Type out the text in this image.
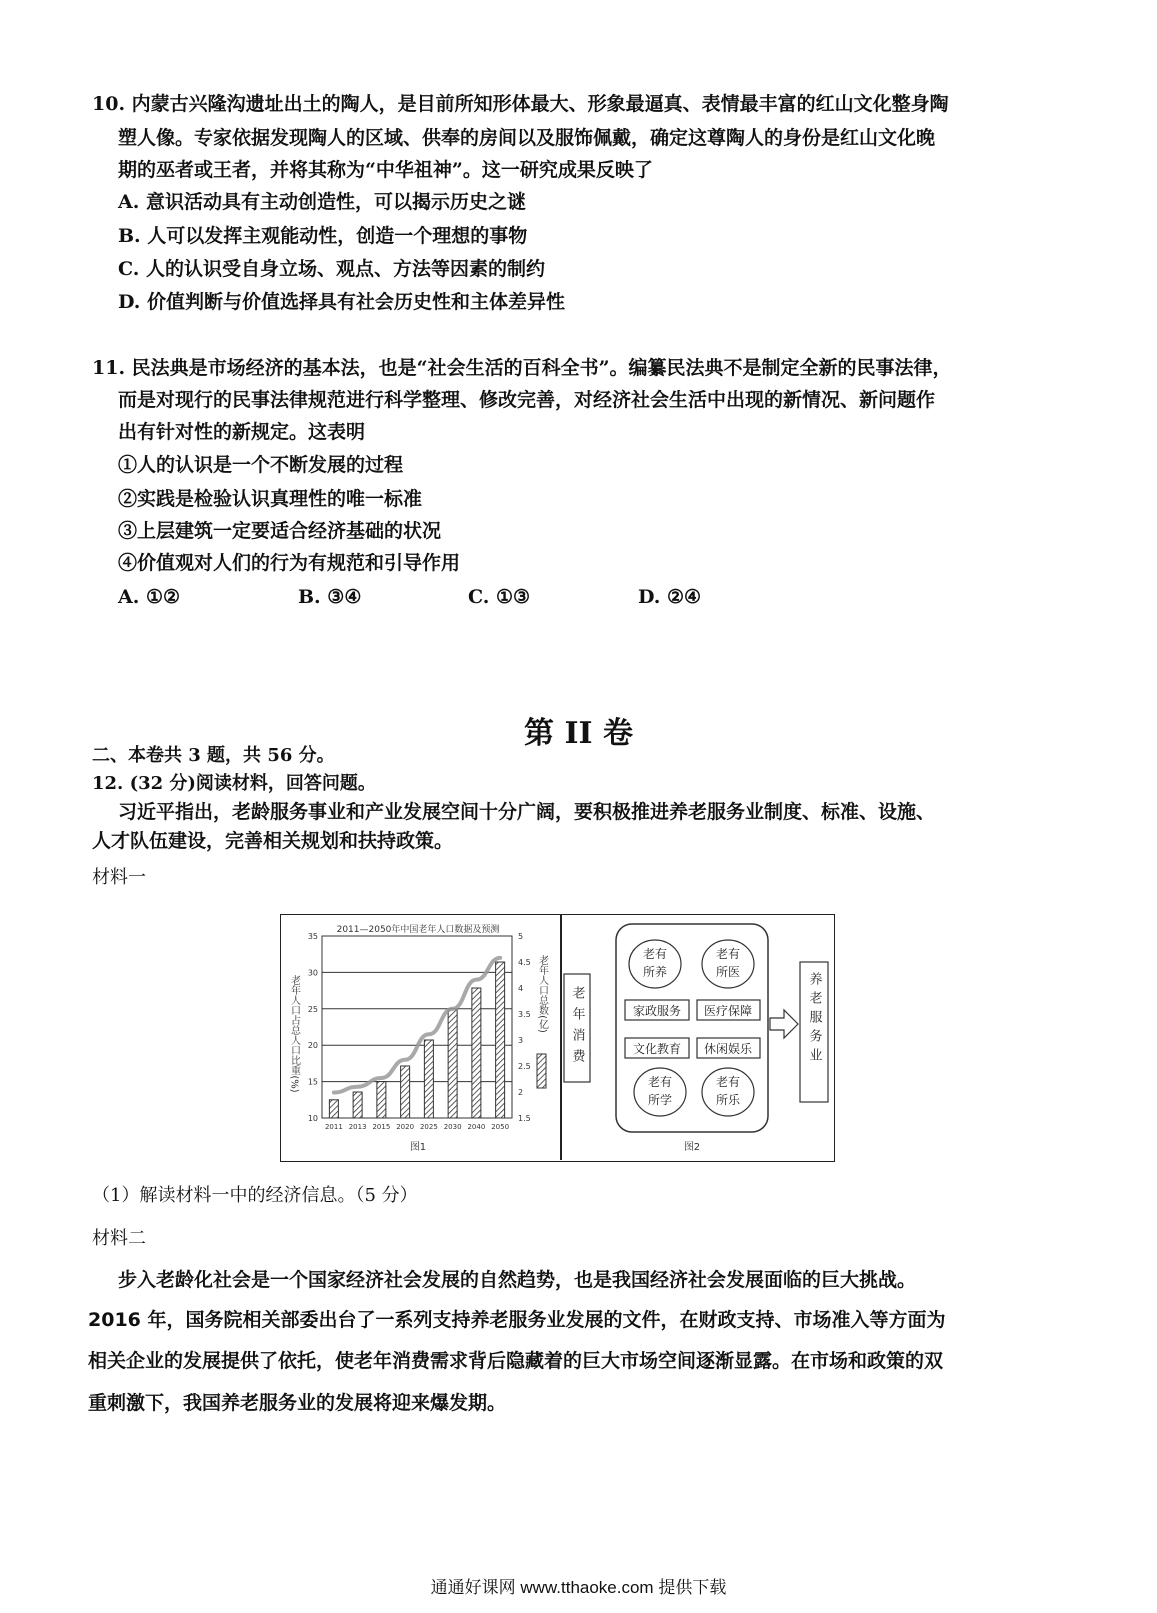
10. 内蒙古兴隆沟遗址出土的陶人，是目前所知形体最大、形象最逼真、表情最丰富的红山文化整身陶
塑人像。专家依据发现陶人的区域、供奉的房间以及服饰佩戴，确定这尊陶人的身份是红山文化晚
期的巫者或王者，并将其称为“中华祖神”。这一研究成果反映了
A. 意识活动具有主动创造性，可以揭示历史之谜
B. 人可以发挥主观能动性，创造一个理想的事物
C. 人的认识受自身立场、观点、方法等因素的制约
D. 价值判断与价值选择具有社会历史性和主体差异性
11. 民法典是市场经济的基本法，也是“社会生活的百科全书”。编纂民法典不是制定全新的民事法律，
而是对现行的民事法律规范进行科学整理、修改完善，对经济社会生活中出现的新情况、新问题作
出有针对性的新规定。这表明
①人的认识是一个不断发展的过程
②实践是检验认识真理性的唯一标准
③上层建筑一定要适合经济基础的状况
④价值观对人们的行为有规范和引导作用
A. ①②	B. ③④	C. ①③	D. ②④
第 II 卷
二、本卷共 3 题，共 56 分。
12. (32 分)阅读材料，回答问题。
习近平指出，老龄服务事业和产业发展空间十分广阔，要积极推进养老服务业制度、标准、设施、
人才队伍建设，完善相关规划和扶持政策。
材料一
2011—2050年中国老年人口数据及预测
10
15
20
25
30
35
1.5
2
2.5
3
3.5
4
4.5
5
2011 2013 2015 2020 2025 2030 2040 2050
老年人口占总人口比重(%)	老年人口总数(亿)
图1
老年消费
老有
所养
老有
所医
家政服务 医疗保障
文化教育 休闲娱乐
老有
所学
老有
所乐
养老服务业
图2
（1）解读材料一中的经济信息。（5 分）
材料二
步入老龄化社会是一个国家经济社会发展的自然趋势，也是我国经济社会发展面临的巨大挑战。
2016 年，国务院相关部委出台了一系列支持养老服务业发展的文件，在财政支持、市场准入等方面为
相关企业的发展提供了依托，使老年消费需求背后隐藏着的巨大市场空间逐渐显露。在市场和政策的双
重刺激下，我国养老服务业的发展将迎来爆发期。
通通好课网 www.tthaoke.com 提供下载
